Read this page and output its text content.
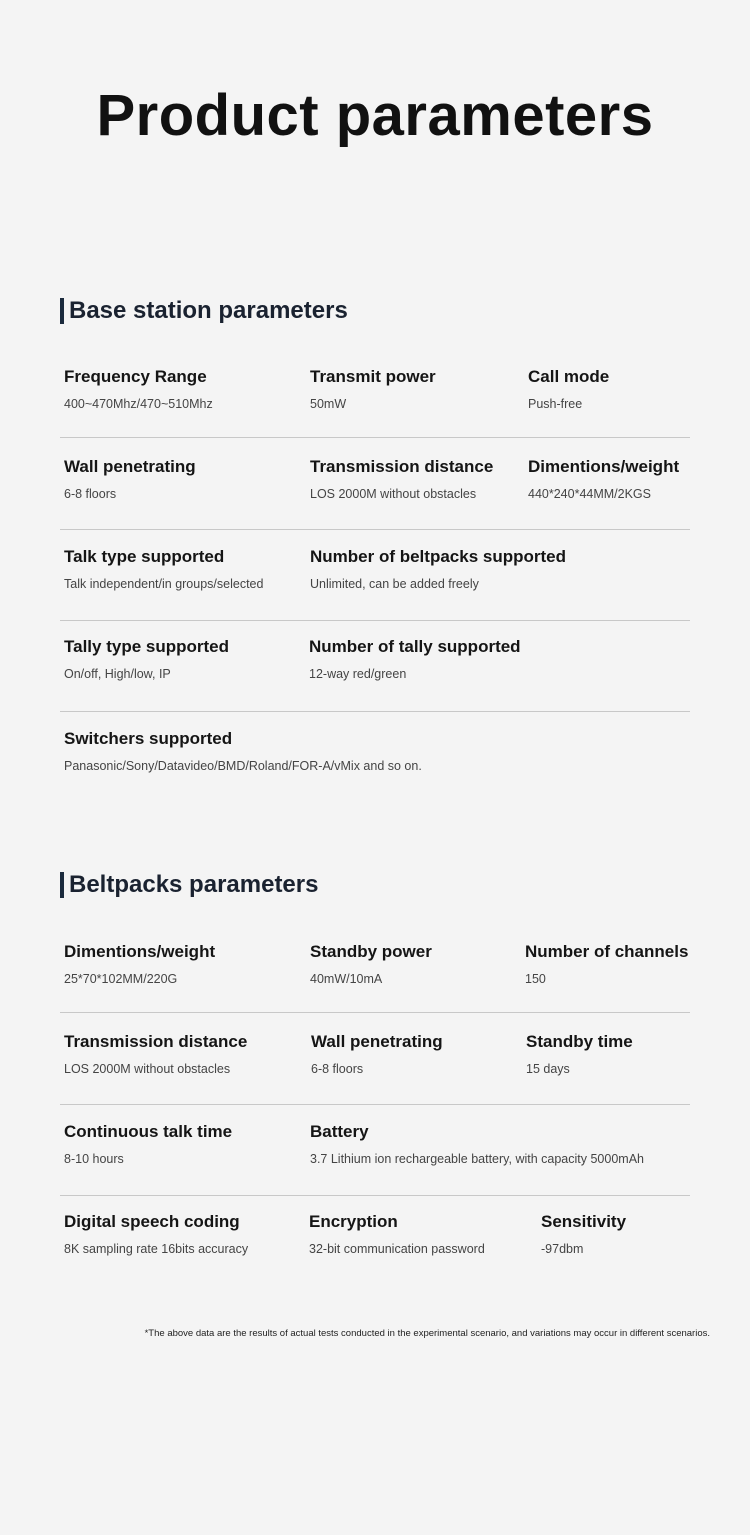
Product parameters
Base station parameters
Frequency Range
400~470Mhz/470~510Mhz
Transmit power
50mW
Call mode
Push-free
Wall penetrating
6-8 floors
Transmission distance
LOS 2000M without obstacles
Dimentions/weight
440*240*44MM/2KGS
Talk type supported
Talk independent/in groups/selected
Number of beltpacks supported
Unlimited, can be added freely
Tally type supported
On/off, High/low, IP
Number of tally supported
12-way red/green
Switchers supported
Panasonic/Sony/Datavideo/BMD/Roland/FOR-A/vMix and so on.
Beltpacks parameters
Dimentions/weight
25*70*102MM/220G
Standby power
40mW/10mA
Number of channels
150
Transmission distance
LOS 2000M without obstacles
Wall penetrating
6-8 floors
Standby time
15 days
Continuous talk time
8-10 hours
Battery
3.7 Lithium ion rechargeable battery, with capacity 5000mAh
Digital speech coding
8K sampling rate 16bits accuracy
Encryption
32-bit communication password
Sensitivity
-97dbm
*The above data are the results of actual tests conducted in the experimental scenario, and variations may occur in different scenarios.
